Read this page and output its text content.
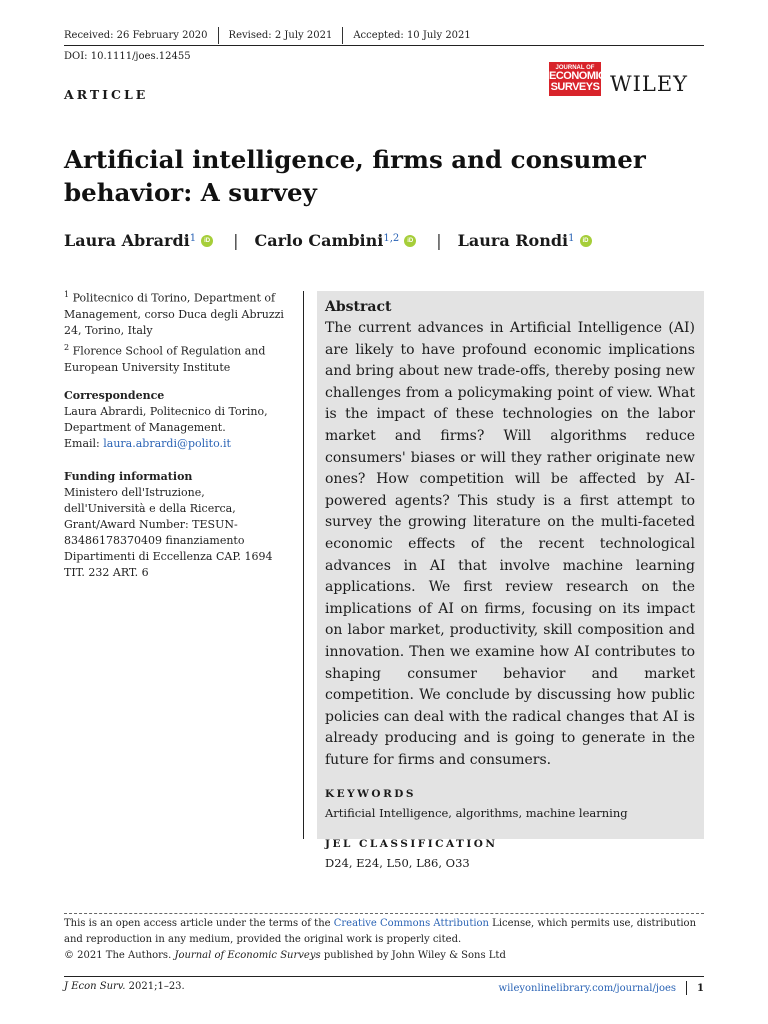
Received: 26 February 2020 Revised: 2 July 2021 Accepted: 10 July 2021
DOI: 10.1111/joes.12455
ARTICLE
JOURNAL OF
ECONOMIC
SURVEYS WILEY
Artificial intelligence, firms and consumer behavior: A survey
Laura Abrardi$^1$	iD | Carlo Cambini$^{1,2}$	iD | Laura Rondi$^1$	iD
$^1$ Politecnico di Torino, Department of Management, corso Duca degli Abruzzi 24, Torino, Italy
$^2$ Florence School of Regulation and European University Institute
Correspondence
Laura Abrardi, Politecnico di Torino, Department of Management.
Email: laura.abrardi@polito.it
Funding information
Ministero dell'Istruzione, dell'Università e della Ricerca, Grant/Award Number: TESUN- 83486178370409 finanziamento Dipartimenti di Eccellenza CAP. 1694 TIT. 232 ART. 6
Abstract
The current advances in Artificial Intelligence (AI) are likely to have profound economic implications and bring about new trade-offs, thereby posing new challenges from a policymaking point of view. What is the impact of these technologies on the labor market and firms? Will algorithms reduce consumers' biases or will they rather originate new ones? How competition will be affected by AI-powered agents? This study is a first attempt to survey the growing literature on the multi-faceted economic effects of the recent technological advances in AI that involve machine learning applications. We first review research on the implications of AI on firms, focusing on its impact on labor market, productivity, skill composition and innovation. Then we examine how AI contributes to shaping consumer behavior and market competition. We conclude by discussing how public policies can deal with the radical changes that AI is already producing and is going to generate in the future for firms and consumers.
KEYWORDS
Artificial Intelligence, algorithms, machine learning
JEL CLASSIFICATION
D24, E24, L50, L86, O33
This is an open access article under the terms of the Creative Commons Attribution License, which permits use, distribution and reproduction in any medium, provided the original work is properly cited.
© 2021 The Authors. Journal of Economic Surveys published by John Wiley & Sons Ltd
J Econ Surv. 2021;1–23.	wileyonlinelibrary.com/journal/joes 1
